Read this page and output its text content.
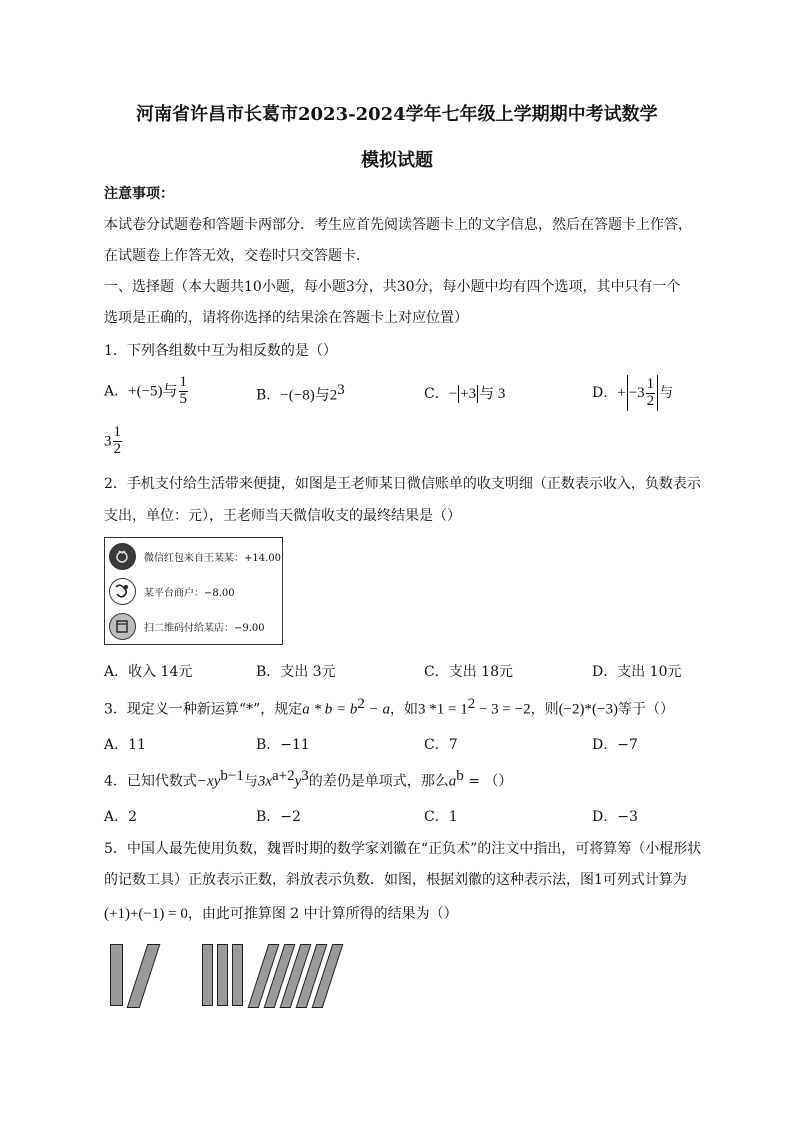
河南省许昌市长葛市2023-2024学年七年级上学期期中考试数学
模拟试题
注意事项：
本试卷分试题卷和答题卡两部分．考生应首先阅读答题卡上的文字信息，然后在答题卡上作答，
在试题卷上作答无效，交卷时只交答题卡．
一、选择题（本大题共10小题，每小题3分，共30分，每小题中均有四个选项，其中只有一个
选项是正确的，请将你选择的结果涂在答题卡上对应位置）
1．下列各组数中互为相反数的是（）
A．+(−5)与 $\frac{1}{5}$	B．−(−8)与$2^3$	C．− +3 与 3	D．+ $-3 \frac{1}{2}$ 与
$3 \frac{1}{2}$
2．手机支付给生活带来便捷，如图是王老师某日微信账单的收支明细（正数表示收入，负数表示
支出，单位：元），王老师当天微信收支的最终结果是（）
微信红包来自王某某：+14.00
某平台商户：−8.00
扫二维码付给某店：−9.00
A．收入 14元	B．支出 3元	C．支出 18元	D．支出 10元
3．现定义一种新运算“*”，规定$a * b = b^2 - a$，如3 $*1 = 1^2 - 3 = -2$，则(−2)*(−3)等于（）
A．11	B．−11	C．7	D．−7
4．已知代数式$-xy^{b-1}$与$3x^{a+2}y^3$的差仍是单项式，那么$a^b$ = （）
A．2	B．−2	C．1	D．−3
5．中国人最先使用负数，魏晋时期的数学家刘徽在“正负术”的注文中指出，可将算筹（小棍形状
的记数工具）正放表示正数，斜放表示负数．如图，根据刘徽的这种表示法，图1可列式计算为
(+1)+(−1) = 0，由此可推算图 2 中计算所得的结果为（）
